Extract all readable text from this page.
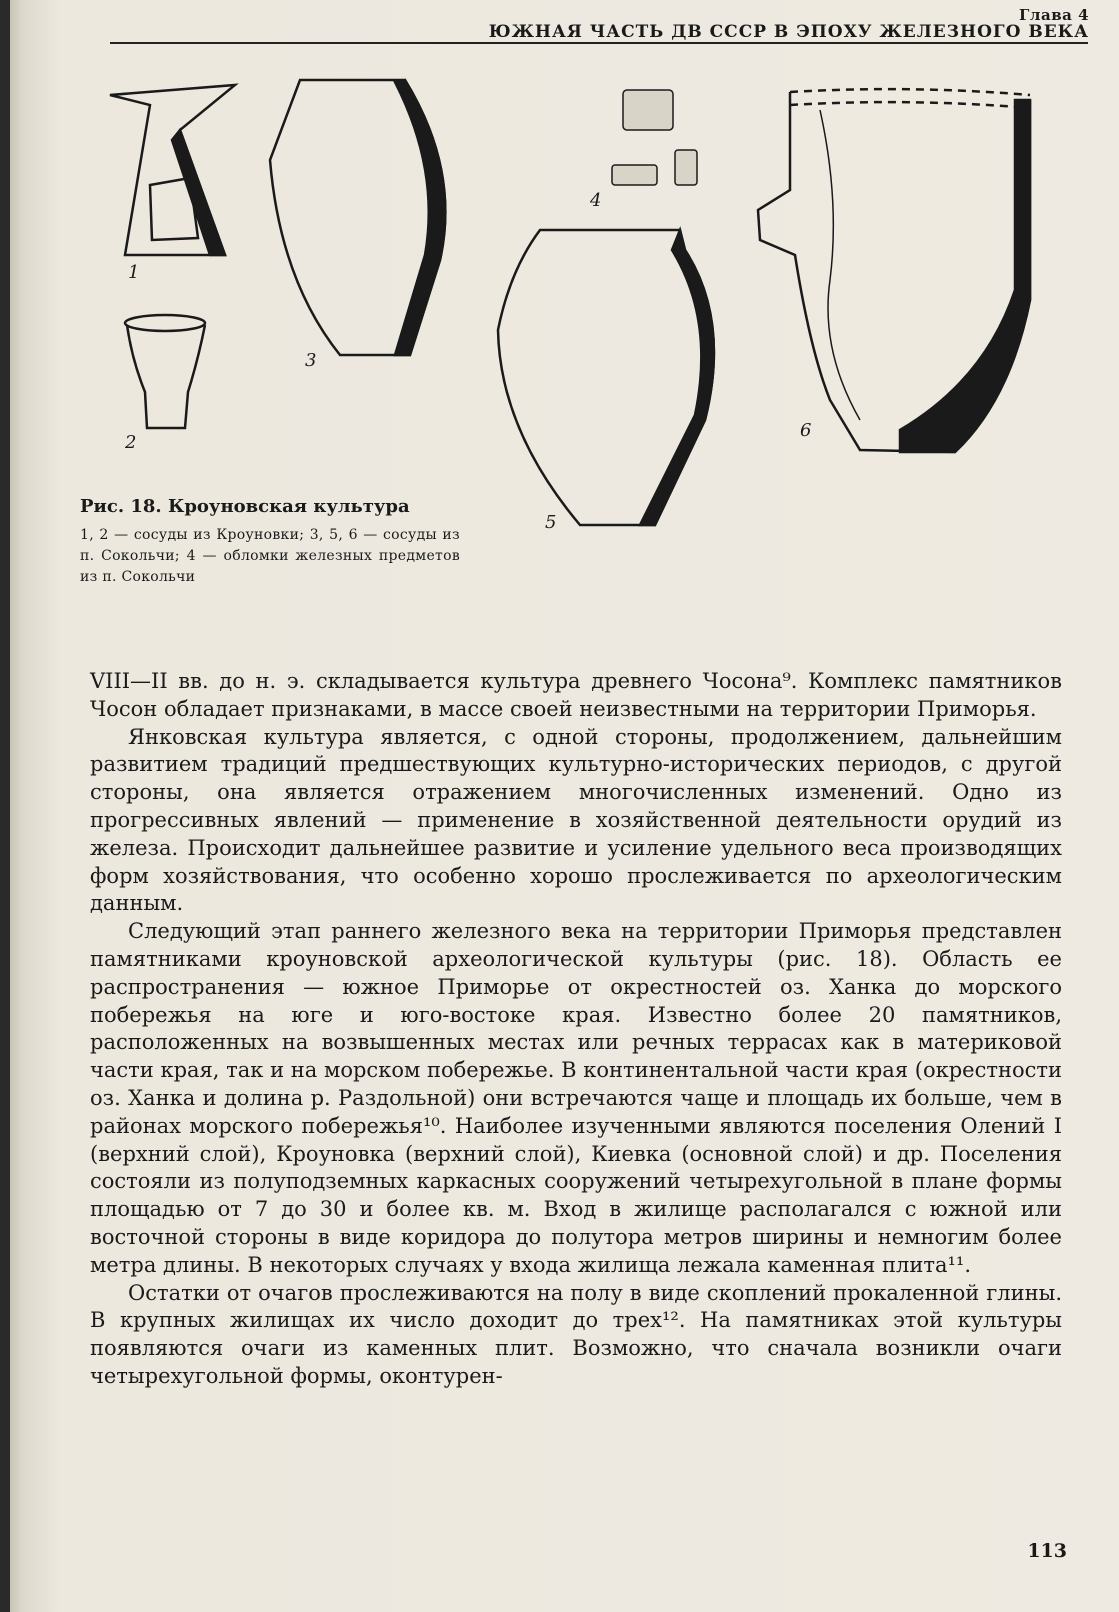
Глава 4
ЮЖНАЯ ЧАСТЬ ДВ СССР В ЭПОХУ ЖЕЛЕЗНОГО ВЕКА
1
2
3
4
5
6
Рис. 18. Кроуновская культура
1, 2 — сосуды из Кроуновки; 3, 5, 6 — сосуды из п. Сокольчи; 4 — обломки железных предметов из п. Сокольчи

VIII—II вв. до н. э. складывается культура древнего Чосона⁹. Комплекс памятников Чосон обладает признаками, в массе своей неизвестными на территории Приморья.

Янковская культура является, с одной стороны, продолжением, дальнейшим развитием традиций предшествующих культурно-исторических периодов, с другой стороны, она является отражением многочисленных изменений. Одно из прогрессивных явлений — применение в хозяйственной деятельности орудий из железа. Происходит дальнейшее развитие и усиление удельного веса производящих форм хозяйствования, что особенно хорошо прослеживается по археологическим данным.

Следующий этап раннего железного века на территории Приморья представлен памятниками кроуновской археологической культуры (рис. 18). Область ее распространения — южное Приморье от окрестностей оз. Ханка до морского побережья на юге и юго-востоке края. Известно более 20 памятников, расположенных на возвышенных местах или речных террасах как в материковой части края, так и на морском побережье. В континентальной части края (окрестности оз. Ханка и долина р. Раздольной) они встречаются чаще и площадь их больше, чем в районах морского побережья¹⁰. Наиболее изученными являются поселения Олений I (верхний слой), Кроуновка (верхний слой), Киевка (основной слой) и др. Поселения состояли из полуподземных каркасных сооружений четырехугольной в плане формы площадью от 7 до 30 и более кв. м. Вход в жилище располагался с южной или восточной стороны в виде коридора до полутора метров ширины и немногим более метра длины. В некоторых случаях у входа жилища лежала каменная плита¹¹.

Остатки от очагов прослеживаются на полу в виде скоплений прокаленной глины. В крупных жилищах их число доходит до трех¹². На памятниках этой культуры появляются очаги из каменных плит. Возможно, что сначала возникли очаги четырехугольной формы, оконтурен-

113
